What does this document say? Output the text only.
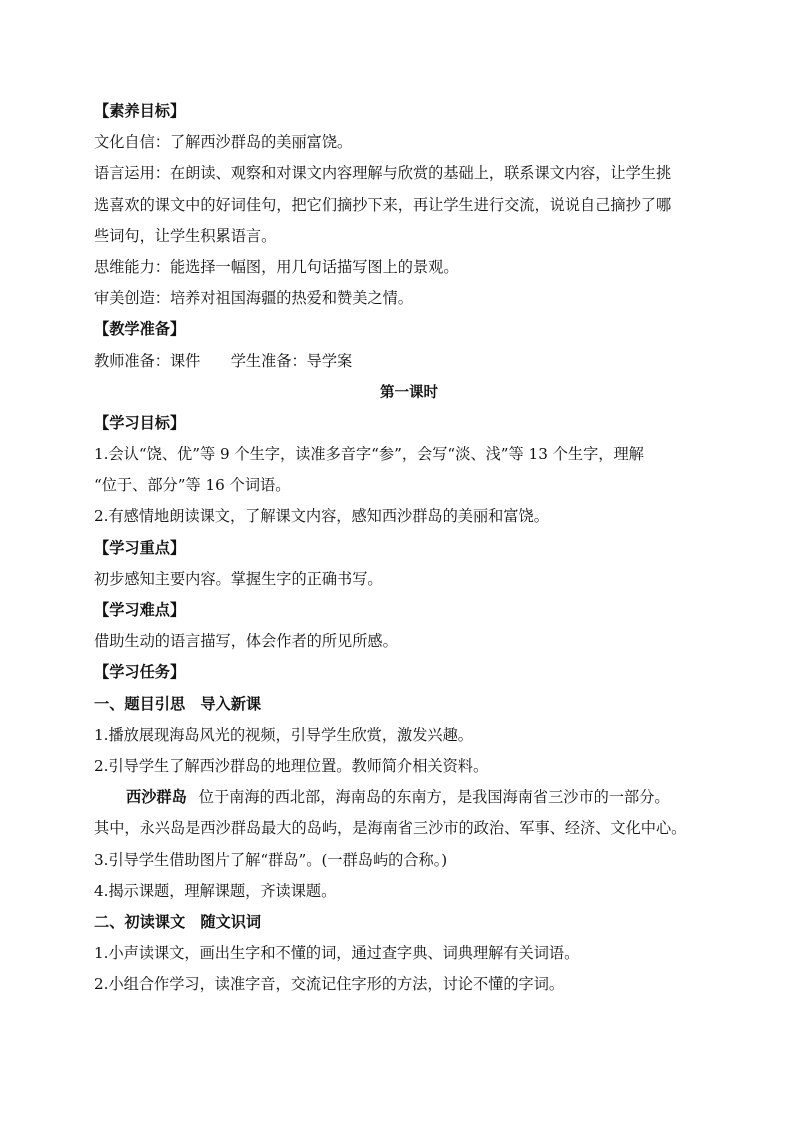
【素养目标】
文化自信：了解西沙群岛的美丽富饶。
语言运用：在朗读、观察和对课文内容理解与欣赏的基础上，联系课文内容，让学生挑
选喜欢的课文中的好词佳句，把它们摘抄下来，再让学生进行交流，说说自己摘抄了哪
些词句，让学生积累语言。
思维能力：能选择一幅图，用几句话描写图上的景观。
审美创造：培养对祖国海疆的热爱和赞美之情。
【教学准备】
教师准备：课件　　学生准备：导学案
第一课时
【学习目标】
1.会认“饶、优”等 9 个生字，读准多音字“参”，会写“淡、浅”等 13 个生字，理解
“位于、部分”等 16 个词语。
2.有感情地朗读课文，了解课文内容，感知西沙群岛的美丽和富饶。
【学习重点】
初步感知主要内容。掌握生字的正确书写。
【学习难点】
借助生动的语言描写，体会作者的所见所感。
【学习任务】
一、题目引思　导入新课
1.播放展现海岛风光的视频，引导学生欣赏，激发兴趣。
2.引导学生了解西沙群岛的地理位置。教师简介相关资料。
西沙群岛 位于南海的西北部，海南岛的东南方，是我国海南省三沙市的一部分。
其中，永兴岛是西沙群岛最大的岛屿，是海南省三沙市的政治、军事、经济、文化中心。
3.引导学生借助图片了解“群岛”。(一群岛屿的合称。)
4.揭示课题，理解课题，齐读课题。
二、初读课文　随文识词
1.小声读课文，画出生字和不懂的词，通过查字典、词典理解有关词语。
2.小组合作学习，读准字音，交流记住字形的方法，讨论不懂的字词。
